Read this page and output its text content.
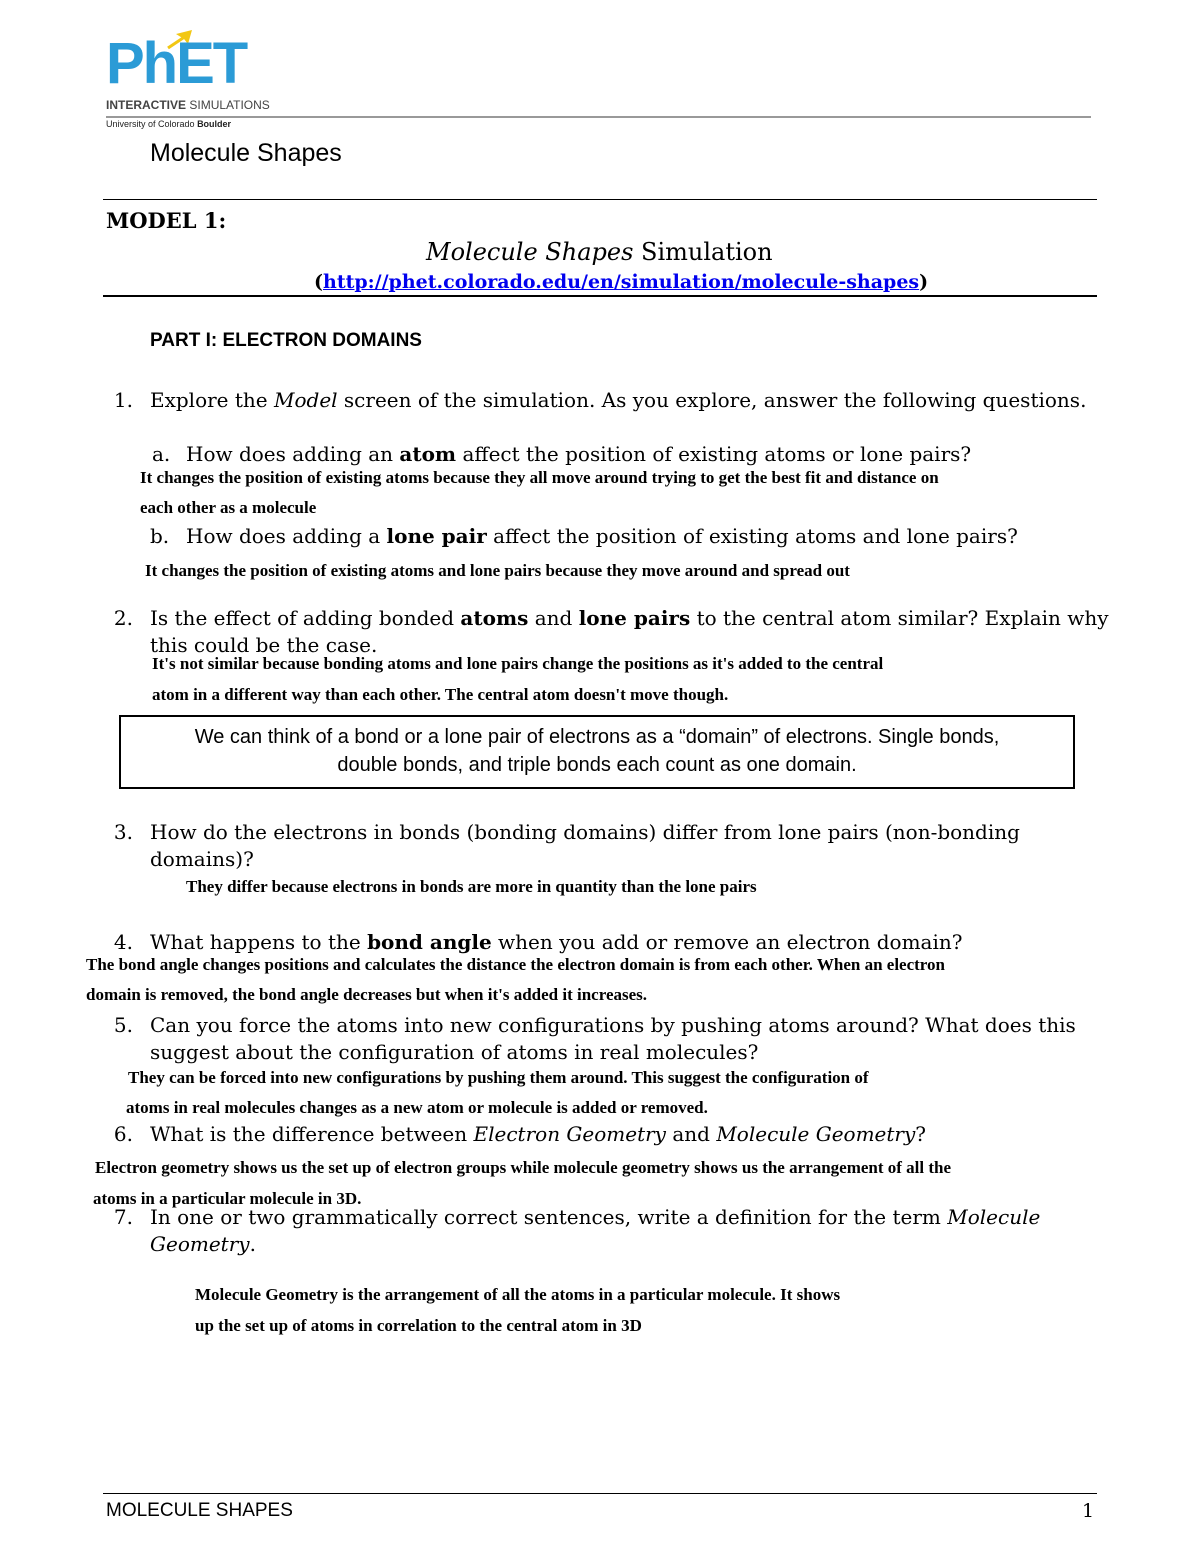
PhET
INTERACTIVE SIMULATIONS
University of Colorado Boulder
Molecule Shapes
MODEL 1:
Molecule Shapes Simulation
(http://phet.colorado.edu/en/simulation/molecule-shapes)
PART I: ELECTRON DOMAINS
1. Explore the Model screen of the simulation. As you explore, answer the following questions.
a. How does adding an atom affect the position of existing atoms or lone pairs?
It changes the position of existing atoms because they all move around trying to get the best fit and distance on
each other as a molecule
b. How does adding a lone pair affect the position of existing atoms and lone pairs?
It changes the position of existing atoms and lone pairs because they move around and spread out
2. Is the effect of adding bonded atoms and lone pairs to the central atom similar? Explain why
this could be the case.
It's not similar because bonding atoms and lone pairs change the positions as it's added to the central
atom in a different way than each other. The central atom doesn't move though.
We can think of a bond or a lone pair of electrons as a “domain” of electrons. Single bonds,
double bonds, and triple bonds each count as one domain.
3. How do the electrons in bonds (bonding domains) differ from lone pairs (non-bonding
domains)?
They differ because electrons in bonds are more in quantity than the lone pairs
4. What happens to the bond angle when you add or remove an electron domain?
The bond angle changes positions and calculates the distance the electron domain is from each other. When an electron
domain is removed, the bond angle decreases but when it's added it increases.
5. Can you force the atoms into new configurations by pushing atoms around? What does this
suggest about the configuration of atoms in real molecules?
They can be forced into new configurations by pushing them around. This suggest the configuration of
atoms in real molecules changes as a new atom or molecule is added or removed.
6. What is the difference between Electron Geometry and Molecule Geometry?
Electron geometry shows us the set up of electron groups while molecule geometry shows us the arrangement of all the
atoms in a particular molecule in 3D.
7. In one or two grammatically correct sentences, write a definition for the term Molecule
Geometry.
Molecule Geometry is the arrangement of all the atoms in a particular molecule. It shows
up the set up of atoms in correlation to the central atom in 3D
MOLECULE SHAPES	1
